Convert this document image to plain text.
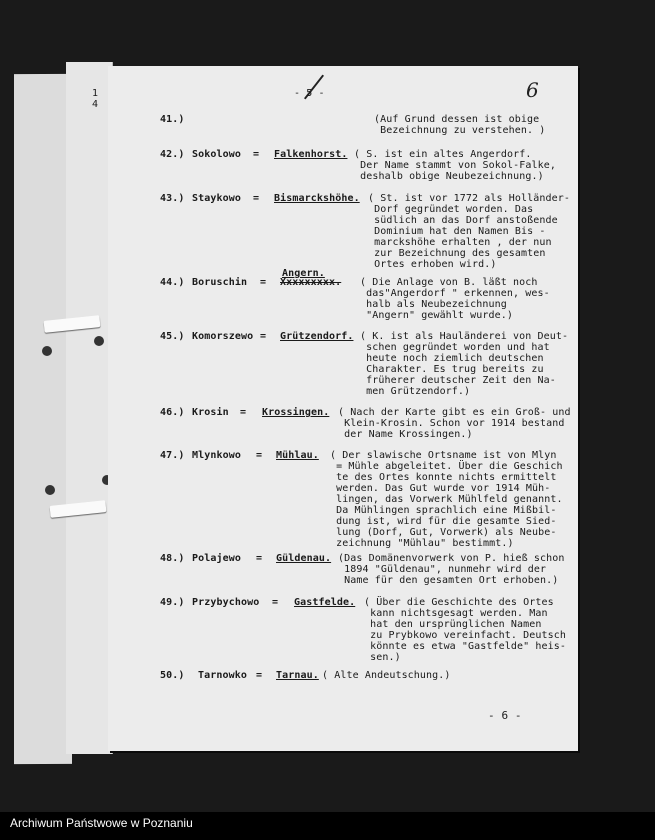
1
4
- 5 -	6
41.)	(Auf Grund dessen ist obige
Bezeichnung zu verstehen. )
42.) Sokolowo = Falkenhorst. ( S. ist ein altes Angerdorf.
Der Name stammt von Sokol-Falke,
deshalb obige Neubezeichnung.)
43.) Staykowo = Bismarckshöhe. ( St. ist vor 1772 als Holländer-
Dorf gegründet worden. Das
südlich an das Dorf anstoßende
Dominium hat den Namen Bis -
marckshöhe erhalten , der nun
zur Bezeichnung des gesamten
Ortes erhoben wird.)
Angern.
44.) Boruschin = Xxxxxxxxx. ( Die Anlage von B. läßt noch
das"Angerdorf " erkennen, wes-
halb als Neubezeichnung
"Angern" gewählt wurde.)
45.) Komorszewo = Grützendorf. ( K. ist als Hauländerei von Deut-
schen gegründet worden und hat
heute noch ziemlich deutschen
Charakter. Es trug bereits zu
früherer deutscher Zeit den Na-
men Grützendorf.)
46.) Krosin = Krossingen. ( Nach der Karte gibt es ein Groß- und
Klein-Krosin. Schon vor 1914 bestand
der Name Krossingen.)
47.) Mlynkowo = Mühlau. ( Der slawische Ortsname ist von Mlyn
= Mühle abgeleitet. Über die Geschich
te des Ortes konnte nichts ermittelt
werden. Das Gut wurde vor 1914 Müh-
lingen, das Vorwerk Mühlfeld genannt.
Da Mühlingen sprachlich eine Mißbil-
dung ist, wird für die gesamte Sied-
lung (Dorf, Gut, Vorwerk) als Neube-
zeichnung "Mühlau" bestimmt.)
48.) Polajewo = Güldenau. (Das Domänenvorwerk von P. hieß schon
1894 "Güldenau", nunmehr wird der
Name für den gesamten Ort erhoben.)
49.) Przybychowo = Gastfelde. ( Über die Geschichte des Ortes
kann nichtsgesagt werden. Man
hat den ursprünglichen Namen
zu Prybkowo vereinfacht. Deutsch
könnte es etwa "Gastfelde" heis-
sen.)
50.) Tarnowko = Tarnau. ( Alte Andeutschung.)
- 6 -
Archiwum Państwowe w Poznaniu
